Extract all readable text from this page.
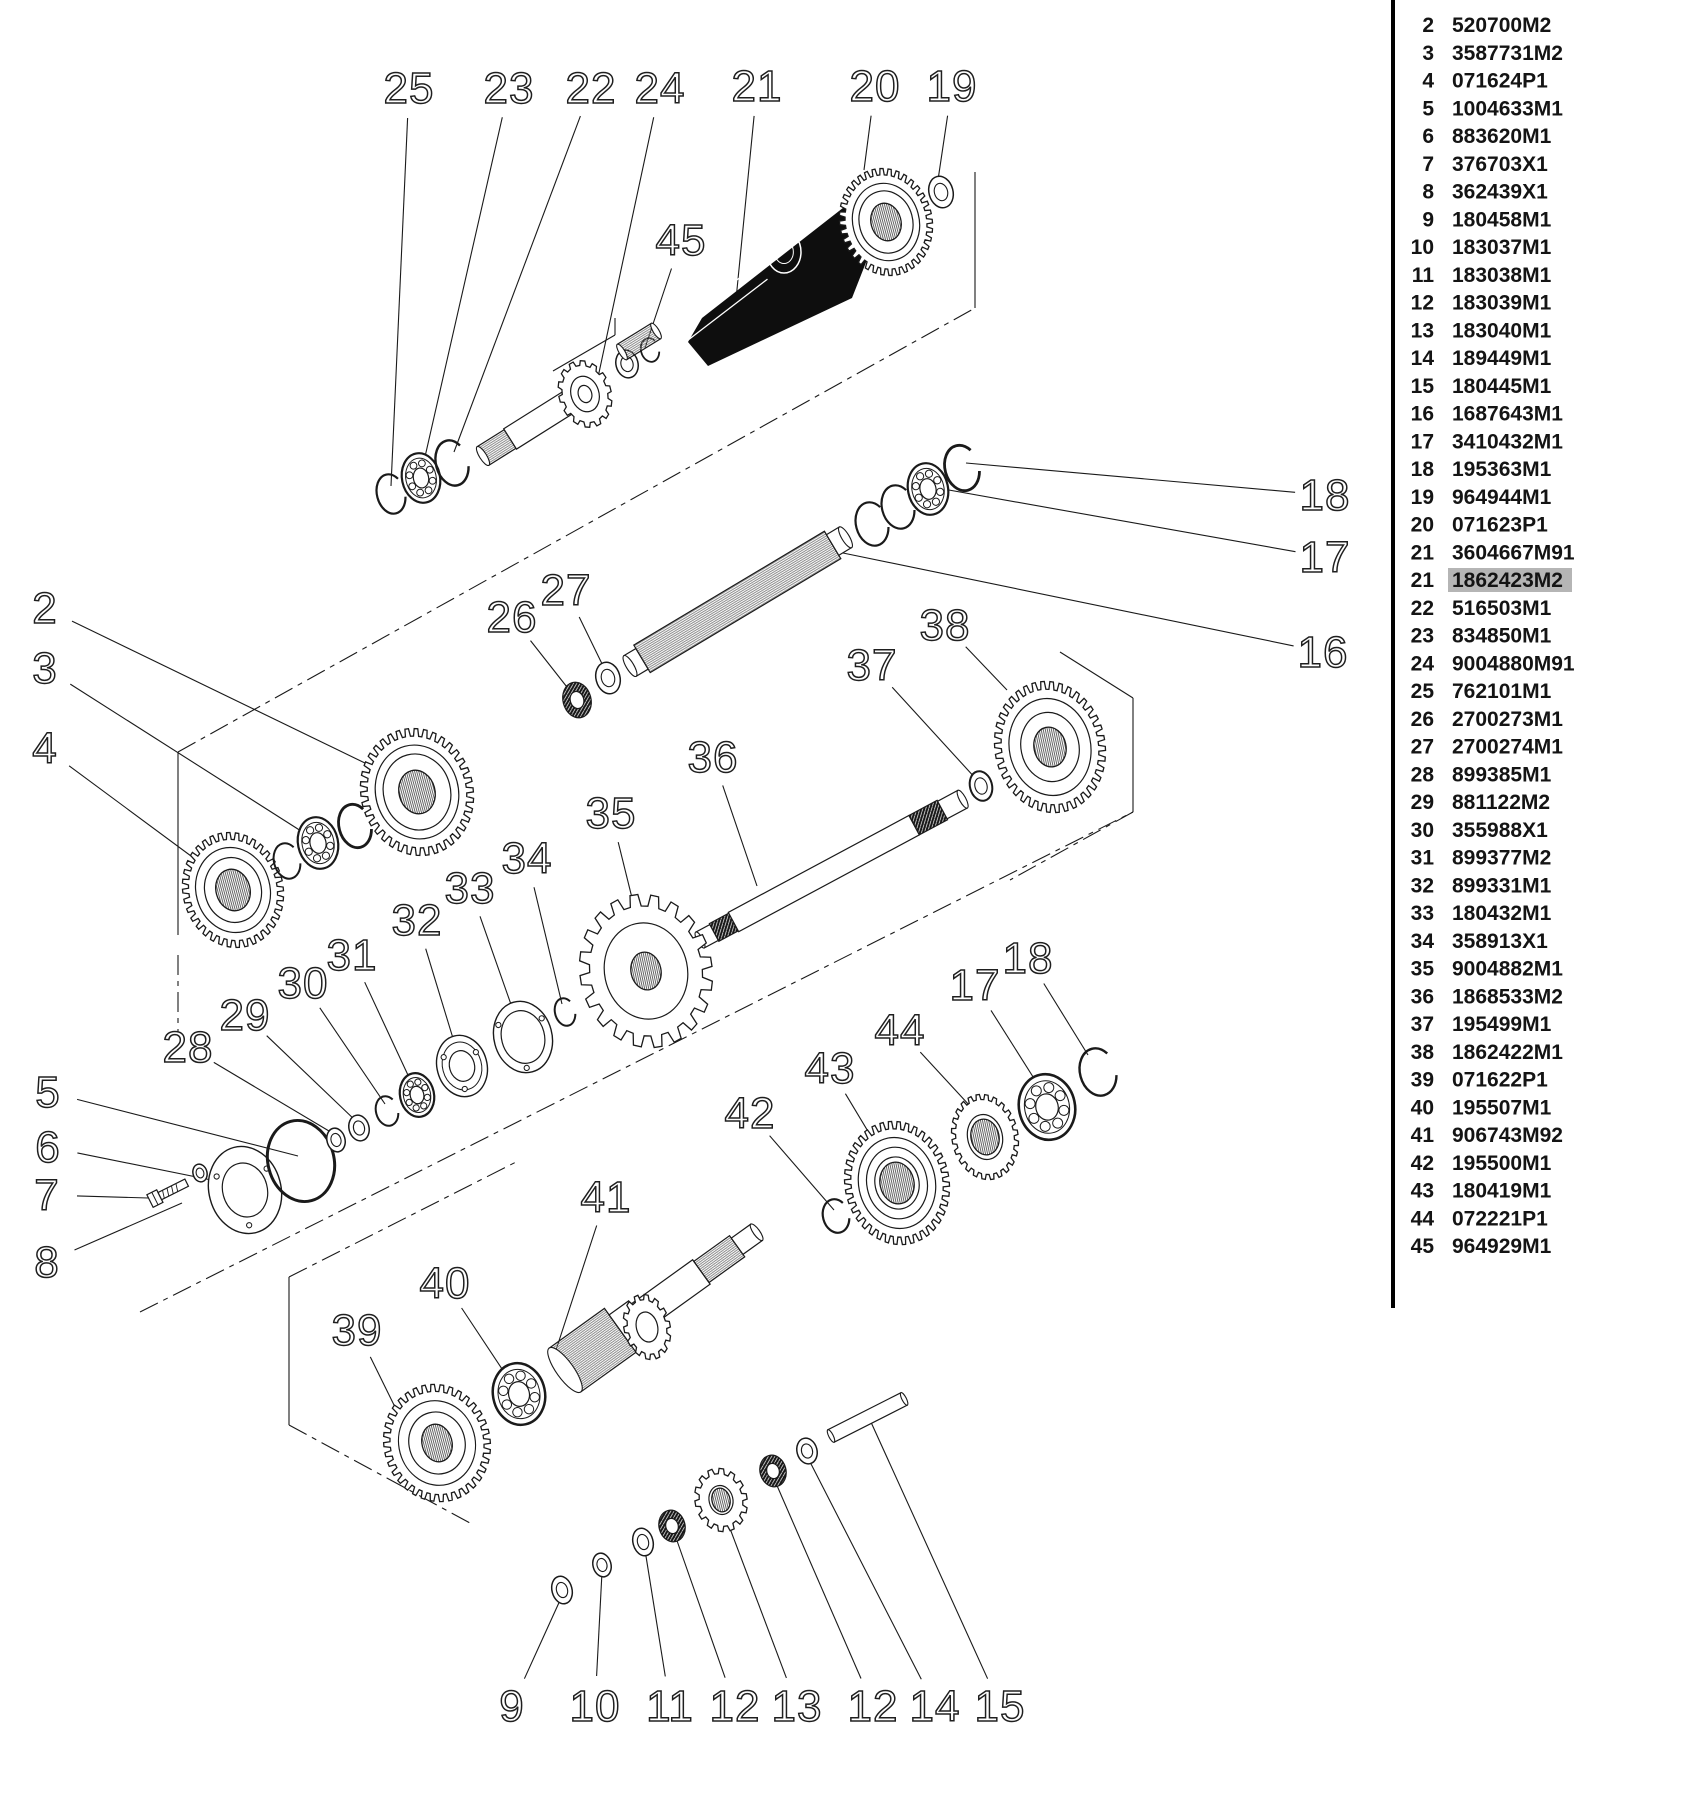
25 23 22 24 21
45
20 19
18
17
16
2
3
4
26
27
36
37
38
35
34
33
32
31
30
29
28
5
6
7
8
39
40
41
42
43
44
17
18
9 10 11 12 13 12 14 15
2 520700M2
3 3587731M2
4 071624P1
5 1004633M1
6 883620M1
7 376703X1
8 362439X1
9 180458M1
10 183037M1
11 183038M1
12 183039M1
13 183040M1
14 189449M1
15 180445M1
16 1687643M1
17 3410432M1
18 195363M1
19 964944M1
20 071623P1
21 3604667M91
21 1862423M2
22 516503M1
23 834850M1
24 9004880M91
25 762101M1
26 2700273M1
27 2700274M1
28 899385M1
29 881122M2
30 355988X1
31 899377M2
32 899331M1
33 180432M1
34 358913X1
35 9004882M1
36 1868533M2
37 195499M1
38 1862422M1
39 071622P1
40 195507M1
41 906743M92
42 195500M1
43 180419M1
44 072221P1
45 964929M1
